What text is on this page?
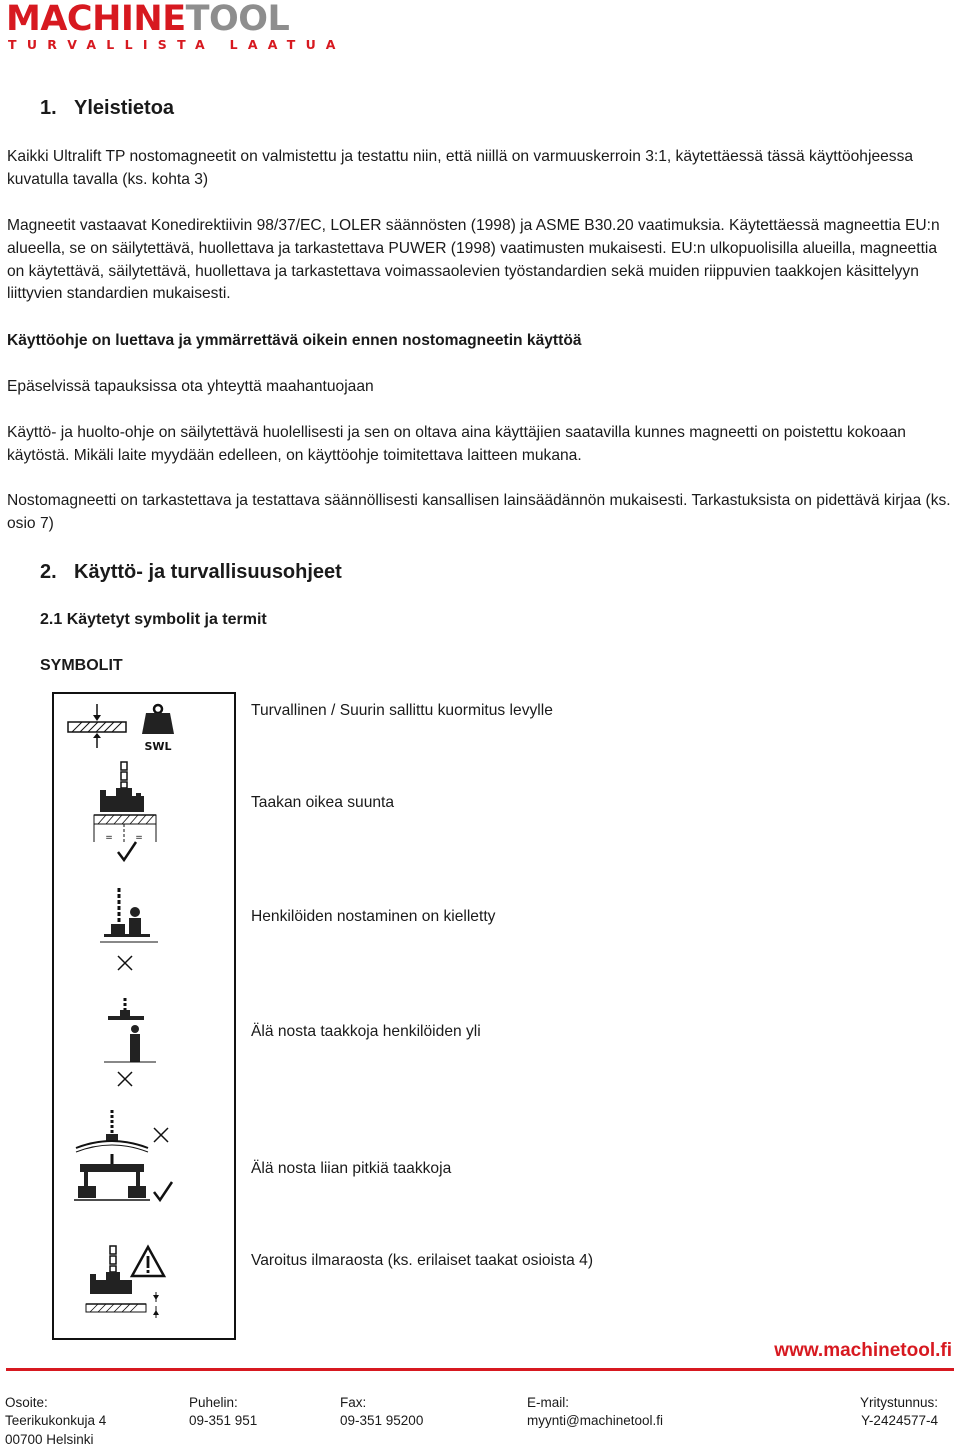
MACHINETOOL
TURVALLISTA LAATUA
1. Yleistietoa
Kaikki Ultralift TP nostomagneetit on valmistettu ja testattu niin, että niillä on varmuuskerroin 3:1, käytettäessä tässä käyttöohjeessa kuvatulla tavalla (ks. kohta 3)
Magneetit vastaavat Konedirektiivin 98/37/EC, LOLER säännösten (1998) ja ASME B30.20 vaatimuksia. Käytettäessä magneettia EU:n alueella, se on säilytettävä, huollettava ja tarkastettava PUWER (1998) vaatimusten mukaisesti. EU:n ulkopuolisilla alueilla, magneettia on käytettävä, säilytettävä, huollettava ja tarkastettava voimassaolevien työstandardien sekä muiden riippuvien taakkojen käsittelyyn liittyvien standardien mukaisesti.
Käyttöohje on luettava ja ymmärrettävä oikein ennen nostomagneetin käyttöä
Epäselvissä tapauksissa ota yhteyttä maahantuojaan
Käyttö- ja huolto-ohje on säilytettävä huolellisesti ja sen on oltava aina käyttäjien saatavilla kunnes magneetti on poistettu kokoaan käytöstä. Mikäli laite myydään edelleen, on käyttöohje toimitettava laitteen mukana.
Nostomagneetti on tarkastettava ja testattava säännöllisesti kansallisen lainsäädännön mukaisesti. Tarkastuksista on pidettävä kirjaa (ks. osio 7)
2. Käyttö- ja turvallisuusohjeet
2.1 Käytetyt symbolit ja termit
SYMBOLIT
SWL
Turvallinen / Suurin sallittu kuormitus levylle
= =
Taakan oikea suunta
Henkilöiden nostaminen on kielletty
Älä nosta taakkoja henkilöiden yli
Älä nosta liian pitkiä taakkoja
Varoitus ilmaraosta (ks. erilaiset taakat osioista 4)
www.machinetool.fi
Osoite:
Teerikukonkuja 4
00700 Helsinki
Puhelin:
09-351 951
Fax:
09-351 95200
E-mail:
myynti@machinetool.fi
Yritystunnus:
Y-2424577-4
